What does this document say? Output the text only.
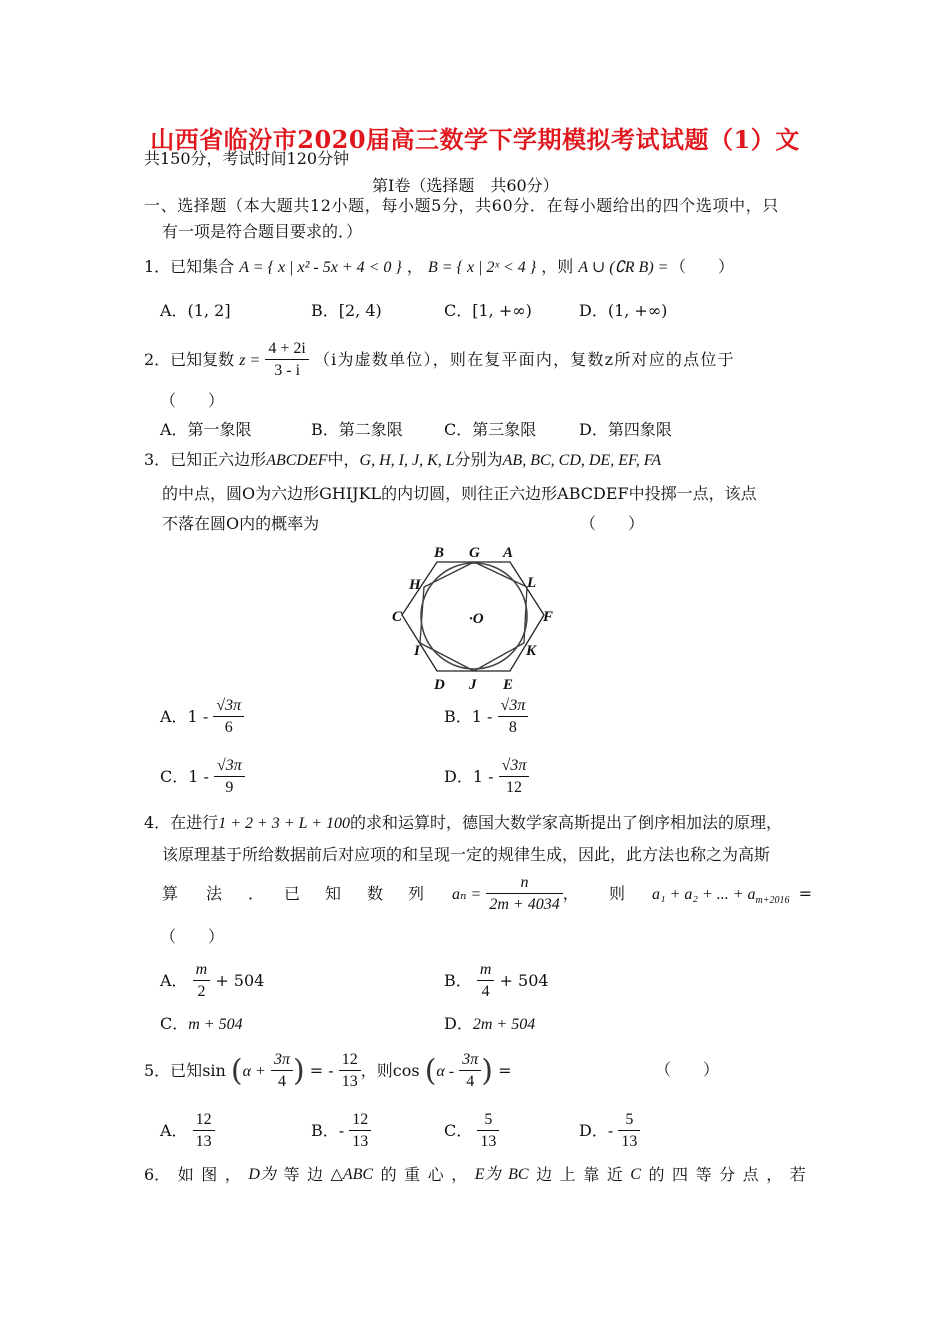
山西省临汾市2020届高三数学下学期模拟考试试题（1）文
共150分，考试时间120分钟
第Ⅰ卷（选择题　共60分）
一、选择题（本大题共12小题，每小题5分，共60分．在每小题给出的四个选项中，只
有一项是符合题目要求的．）
1．已知集合 A = { x | x² - 5x + 4 < 0 } ， B = { x | 2ˣ < 4 } ，则 A ∪ (∁R B) = （　　）
A．(1, 2]	B．[2, 4)	C．[1, +∞)	D．(1, +∞)
2．已知复数 $z = \frac{4 + 2i}{3 - i} (i$为虚数单位），则在复平面内，复数z所对应的点位于
（　　）
A．第一象限	B．第二象限	C．第三象限	D．第四象限
3．已知正六边形ABCDEF中，G, H, I, J, K, L分别为AB, BC, CD, DE, EF, FA
的中点，圆O为六边形GHIJKL的内切圆，则往正六边形ABCDEF中投掷一点，该点
不落在圆O内的概率为	（　　）
B G A
H	L
C	·O	F
I	K
D J E
A．$1 - \frac{√3\pi}{6}$	B．$1 - \frac{√3\pi}{8}$
C．$1 - \frac{√3\pi}{9}$	D．$1 - \frac{√3\pi}{12}$
4．在进行1 + 2 + 3 + L + 100的求和运算时，德国大数学家高斯提出了倒序相加法的原理，
该原理基于所给数据前后对应项的和呈现一定的规律生成，因此，此方法也称之为高斯
算 法 ． 已 知 数 列 $a_n = \frac{n}{2m + 4034}$ ， 则 a₁ + a₂ + ... + $a_{m+2016}$ =
（　　）
A． $\frac{m}{2} + 504$	B． $\frac{m}{4} + 504$
C．m + 504	D．2m + 504
5．已知$\sin (\alpha + \frac{3\pi}{4}$ ) = - $\frac{12}{13}$ ，则$\cos (\alpha - \frac{3\pi}{4}$ ) =	（　　）
A． $\frac{12}{13}$	B．- $\frac{12}{13}$	C． $\frac{5}{13}$	D．- $\frac{5}{13}$
6． 如 图 ， D为 等 边 △ABC 的 重 心 ， E为 BC 边 上 靠 近 C 的 四 等 分 点 ， 若
